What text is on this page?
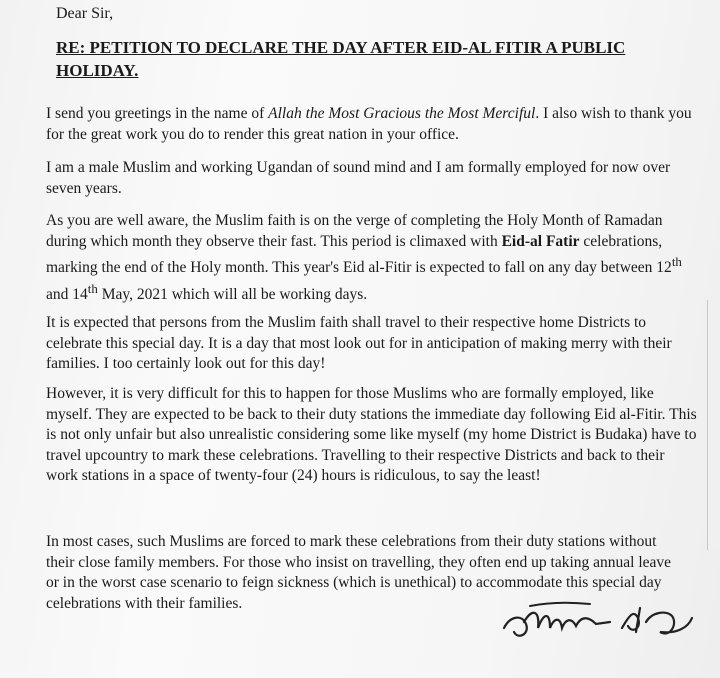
Dear Sir,
RE: PETITION TO DECLARE THE DAY AFTER EID-AL FITIR A PUBLIC HOLIDAY.
I send you greetings in the name of Allah the Most Gracious the Most Merciful. I also wish to thank you for the great work you do to render this great nation in your office.
I am a male Muslim and working Ugandan of sound mind and I am formally employed for now over seven years.
As you are well aware, the Muslim faith is on the verge of completing the Holy Month of Ramadan during which month they observe their fast. This period is climaxed with Eid-al Fatir celebrations, marking the end of the Holy month. This year's Eid al-Fitir is expected to fall on any day between 12th and 14th May, 2021 which will all be working days.
It is expected that persons from the Muslim faith shall travel to their respective home Districts to celebrate this special day. It is a day that most look out for in anticipation of making merry with their families. I too certainly look out for this day!
However, it is very difficult for this to happen for those Muslims who are formally employed, like myself. They are expected to be back to their duty stations the immediate day following Eid al-Fitir. This is not only unfair but also unrealistic considering some like myself (my home District is Budaka) have to travel upcountry to mark these celebrations. Travelling to their respective Districts and back to their work stations in a space of twenty-four (24) hours is ridiculous, to say the least!
In most cases, such Muslims are forced to mark these celebrations from their duty stations without their close family members. For those who insist on travelling, they often end up taking annual leave or in the worst case scenario to feign sickness (which is unethical) to accommodate this special day celebrations with their families.
